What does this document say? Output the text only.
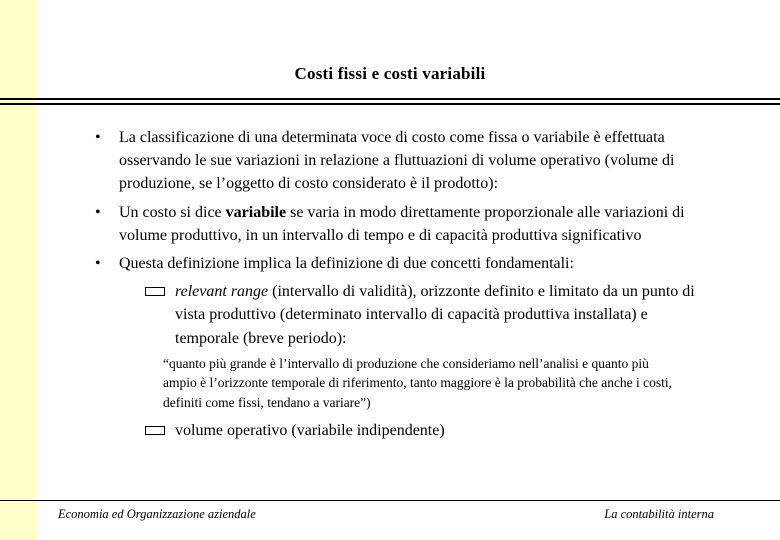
Costi fissi e costi variabili
•	La classificazione di una determinata voce di costo come fissa o variabile è effettuata osservando le sue variazioni in relazione a fluttuazioni di volume operativo (volume di produzione, se l’oggetto di costo considerato è il prodotto):
•	Un costo si dice variabile se varia in modo direttamente proporzionale alle variazioni di volume produttivo, in un intervallo di tempo e di capacità produttiva significativo
•	Questa definizione implica la definizione di due concetti fondamentali:
relevant range (intervallo di validità), orizzonte definito e limitato da un punto di vista produttivo (determinato intervallo di capacità produttiva installata) e temporale (breve periodo):
“quanto più grande è l’intervallo di produzione che consideriamo nell’analisi e quanto più ampio è l’orizzonte temporale di riferimento, tanto maggiore è la probabilità che anche i costi, definiti come fissi, tendano a variare”)
volume operativo (variabile indipendente)
Economia ed Organizzazione aziendale	La contabilità interna
